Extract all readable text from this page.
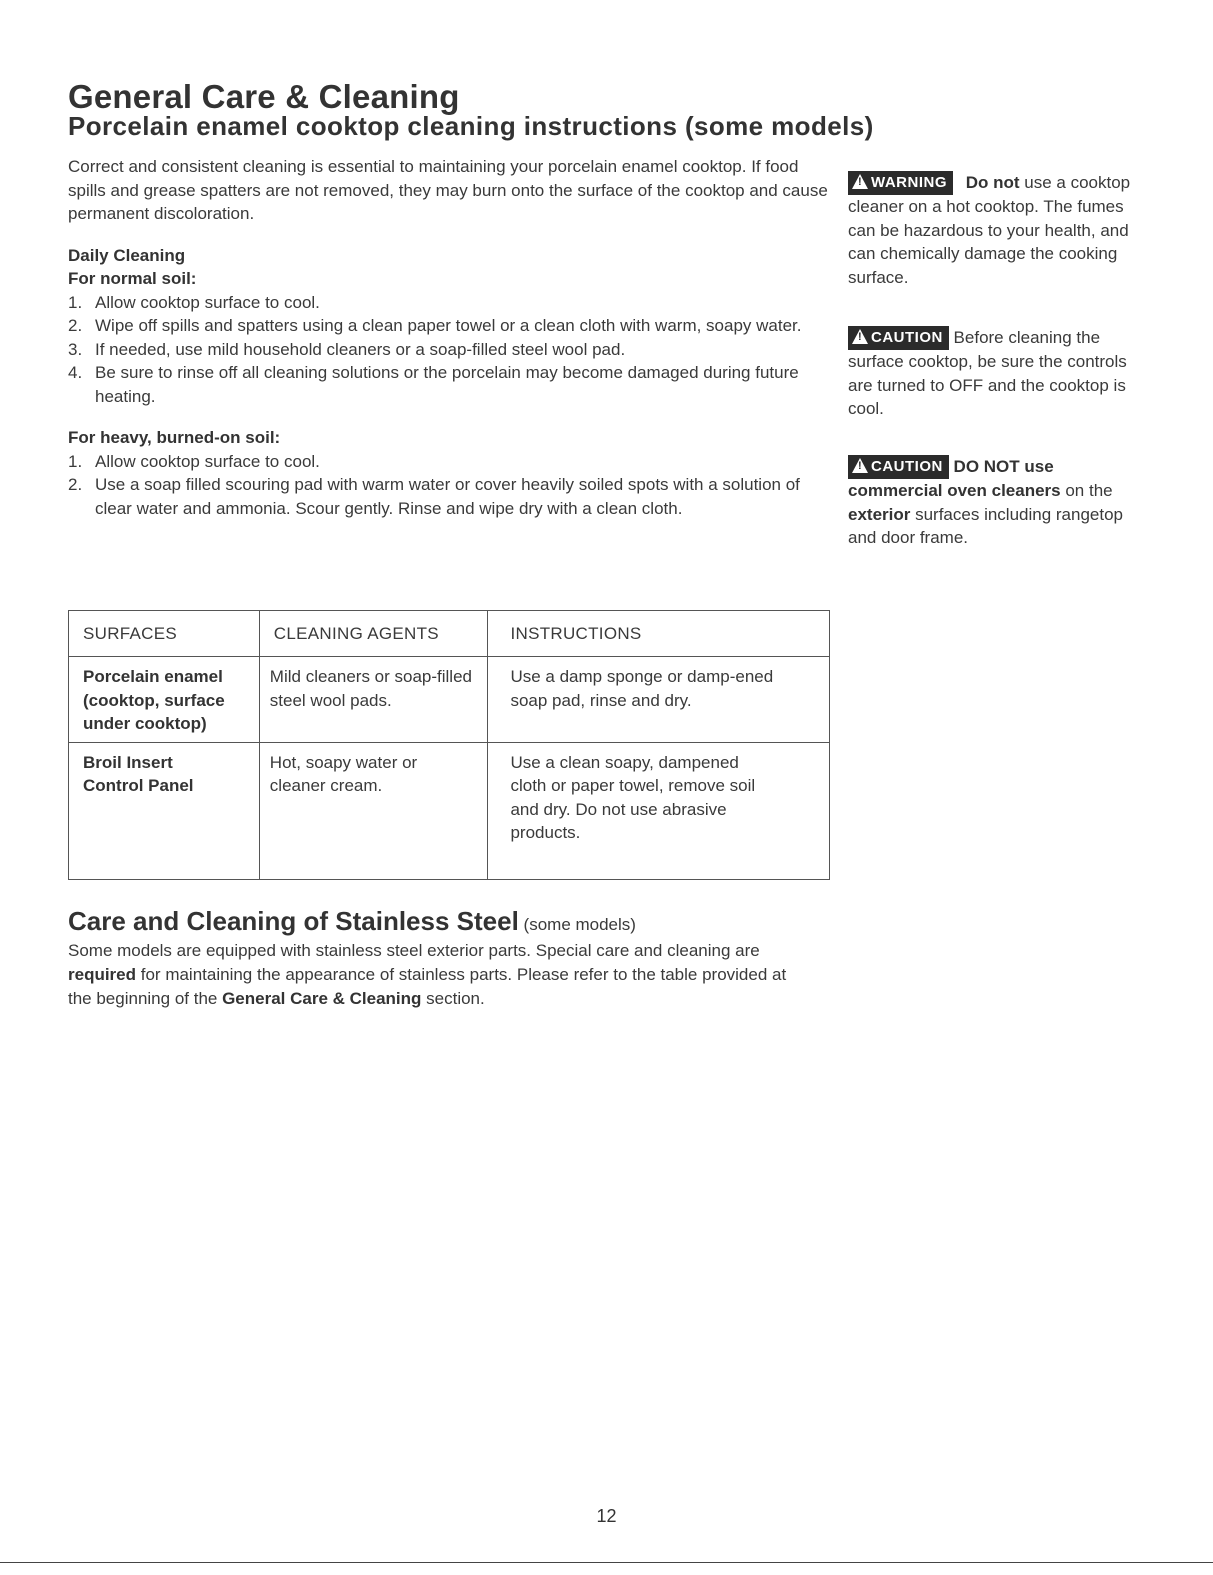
General Care & Cleaning
Porcelain enamel cooktop cleaning instructions (some models)

Correct and consistent cleaning is essential to maintaining your porcelain enamel cooktop. If food spills and grease spatters are not removed, they may burn onto the surface of the cooktop and cause permanent discoloration.

Daily Cleaning

For normal soil:

1. Allow cooktop surface to cool.
2. Wipe off spills and spatters using a clean paper towel or a clean cloth with warm, soapy water.
3. If needed, use mild household cleaners or a soap-filled steel wool pad.
4. Be sure to rinse off all cleaning solutions or the porcelain may become damaged during future heating.

For heavy, burned-on soil:

1. Allow cooktop surface to cool.
2. Use a soap filled scouring pad with warm water or cover heavily soiled spots with a solution of clear water and ammonia. Scour gently. Rinse and wipe dry with a clean cloth.
!WARNING Do not use a cooktop cleaner on a hot cooktop. The fumes can be hazardous to your health, and can chemically damage the cooking surface.
!CAUTION Before cleaning the surface cooktop, be sure the controls are turned to OFF and the cooktop is cool.
!CAUTION DO NOT use commercial oven cleaners on the exterior surfaces including rangetop and door frame.
SURFACES	CLEANING AGENTS	INSTRUCTIONS
Porcelain enamel (cooktop, surface under cooktop)	Mild cleaners or soap-filled steel wool pads.	Use a damp sponge or damp-ened soap pad, rinse and dry.
Broil Insert Control Panel	Hot, soapy water or cleaner cream.	Use a clean soapy, dampened cloth or paper towel, remove soil and dry. Do not use abrasive products.
Care and Cleaning of Stainless Steel (some models)

Some models are equipped with stainless steel exterior parts. Special care and cleaning are required for maintaining the appearance of stainless parts. Please refer to the table provided at the beginning of the General Care & Cleaning section.

12
